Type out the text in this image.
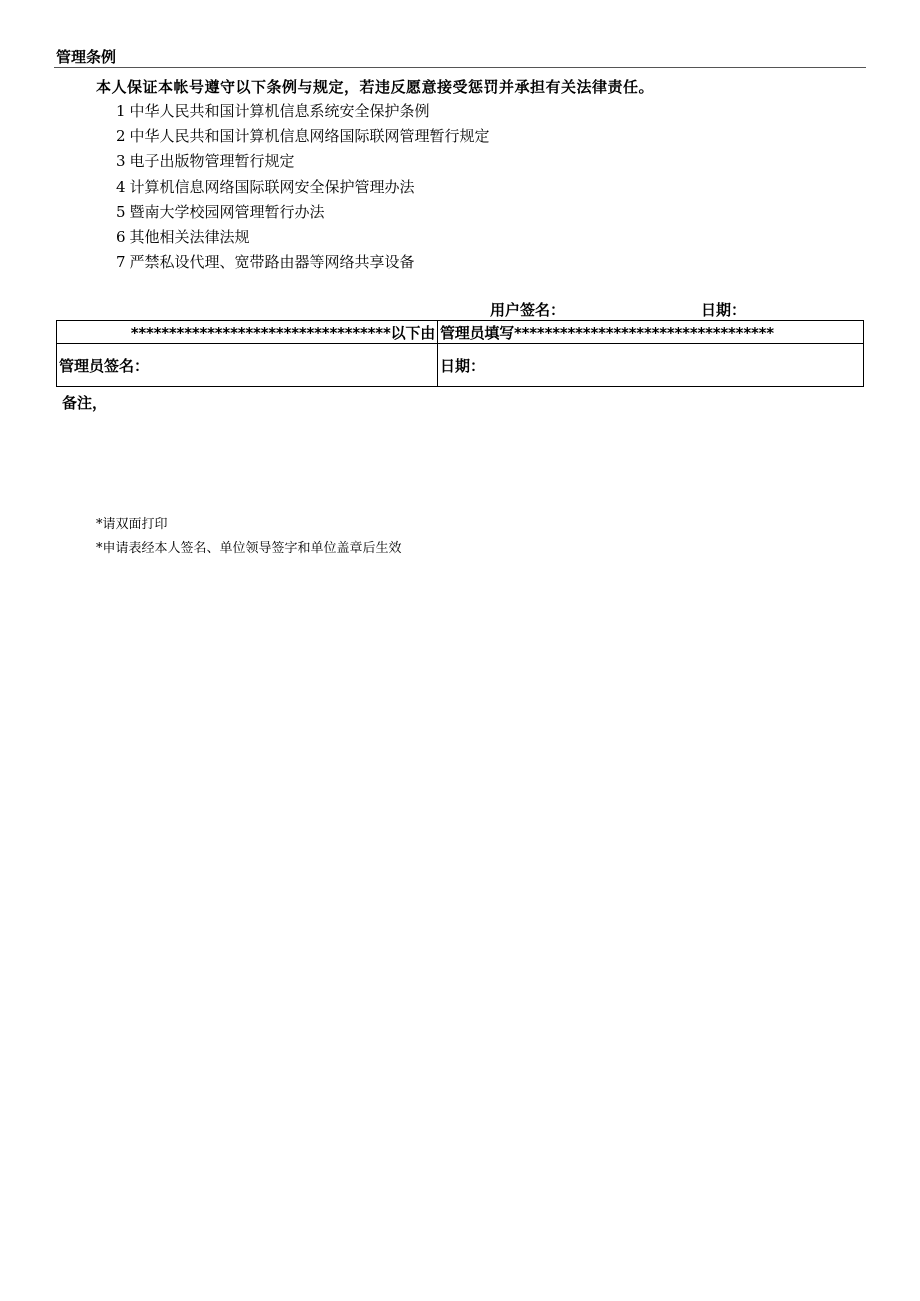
管理条例
本人保证本帐号遵守以下条例与规定，若违反愿意接受惩罚并承担有关法律责任。
1 中华人民共和国计算机信息系统安全保护条例
2 中华人民共和国计算机信息网络国际联网管理暂行规定
3 电子出版物管理暂行规定
4 计算机信息网络国际联网安全保护管理办法
5 暨南大学校园网管理暂行办法
6 其他相关法律法规
7 严禁私设代理、宽带路由器等网络共享设备
用户签名：	日期：
**********************************以下由	管理员填写**********************************
管理员签名：	日期：
备注，
*请双面打印
*申请表经本人签名、单位领导签字和单位盖章后生效
